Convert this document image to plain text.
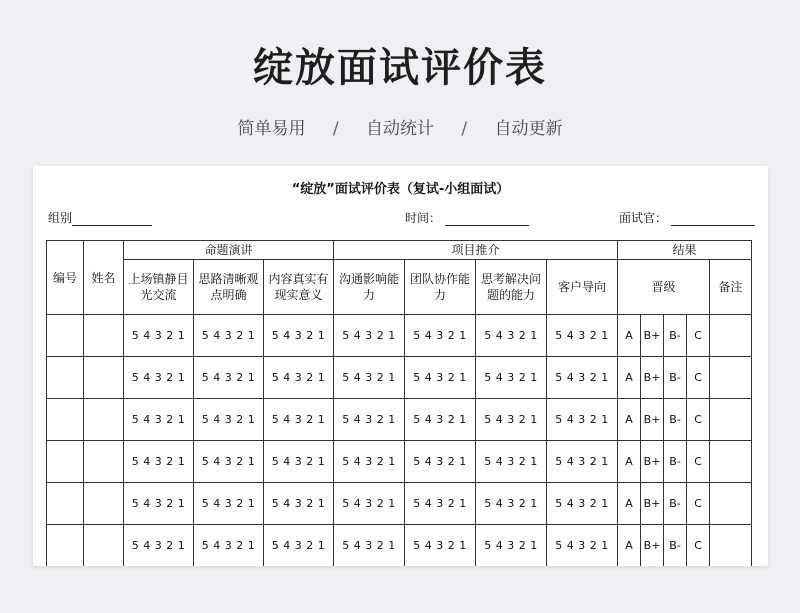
绽放面试评价表
简单易用 / 自动统计 / 自动更新
“绽放”面试评价表（复试-小组面试）
组别	时间：	面试官：
编号	姓名	命题演讲			项目推介				结果				
		上场镇静目光交流	思路清晰观点明确	内容真实有现实意义	沟通影响能力	团队协作能力	思考解决问题的能力	客户导向	晋级				备注
		5 4 3 2 1	5 4 3 2 1	5 4 3 2 1	5 4 3 2 1	5 4 3 2 1	5 4 3 2 1	5 4 3 2 1	A	B+	B-	C	
		5 4 3 2 1	5 4 3 2 1	5 4 3 2 1	5 4 3 2 1	5 4 3 2 1	5 4 3 2 1	5 4 3 2 1	A	B+	B-	C	
		5 4 3 2 1	5 4 3 2 1	5 4 3 2 1	5 4 3 2 1	5 4 3 2 1	5 4 3 2 1	5 4 3 2 1	A	B+	B-	C	
		5 4 3 2 1	5 4 3 2 1	5 4 3 2 1	5 4 3 2 1	5 4 3 2 1	5 4 3 2 1	5 4 3 2 1	A	B+	B-	C	
		5 4 3 2 1	5 4 3 2 1	5 4 3 2 1	5 4 3 2 1	5 4 3 2 1	5 4 3 2 1	5 4 3 2 1	A	B+	B-	C	
		5 4 3 2 1	5 4 3 2 1	5 4 3 2 1	5 4 3 2 1	5 4 3 2 1	5 4 3 2 1	5 4 3 2 1	A	B+	B-	C	
